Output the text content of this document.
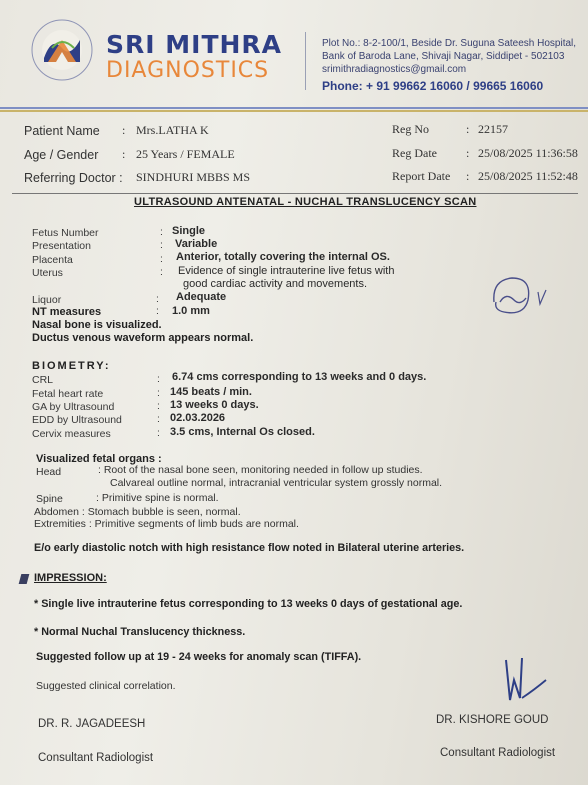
SRI MITHRA
DIAGNOSTICS
Plot No.: 8-2-100/1, Beside Dr. Suguna Sateesh Hospital,
Bank of Baroda Lane, Shivaji Nagar, Siddipet - 502103
srimithradiagnostics@gmail.com
Phone: + 91 99662 16060 / 99665 16060
Patient Name : Mrs.LATHA K
Age / Gender : 25 Years / FEMALE
Referring Doctor : SINDHURI MBBS MS
Reg No	: 22157
Reg Date : 25/08/2025 11:36:58
Report Date : 25/08/2025 11:52:48
ULTRASOUND ANTENATAL - NUCHAL TRANSLUCENCY SCAN
Fetus Number	: Single
Presentation	: Variable
Placenta	: Anterior, totally covering the internal OS.
Uterus	: Evidence of single intrauterine live fetus with
good cardiac activity and movements.
Liquor	: Adequate
NT measures	: 1.0 mm
Nasal bone is visualized.
Ductus venous waveform appears normal.
BIOMETRY:
CRL	: 6.74 cms corresponding to 13 weeks and 0 days.
Fetal heart rate	: 145 beats / min.
GA by Ultrasound	: 13 weeks 0 days.
EDD by Ultrasound	: 02.03.2026
Cervix measures	: 3.5 cms, Internal Os closed.
Visualized fetal organs :
Head	: Root of the nasal bone seen, monitoring needed in follow up studies.
Calvareal outline normal, intracranial ventricular system grossly normal.
Spine	: Primitive spine is normal.
Abdomen : Stomach bubble is seen, normal.
Extremities : Primitive segments of limb buds are normal.
E/o early diastolic notch with high resistance flow noted in Bilateral uterine arteries.
IMPRESSION:
* Single live intrauterine fetus corresponding to 13 weeks 0 days of gestational age.
* Normal Nuchal Translucency thickness.
Suggested follow up at 19 - 24 weeks for anomaly scan (TIFFA).
Suggested clinical correlation.
DR. R. JAGADEESH
Consultant Radiologist
DR. KISHORE GOUD
Consultant Radiologist
